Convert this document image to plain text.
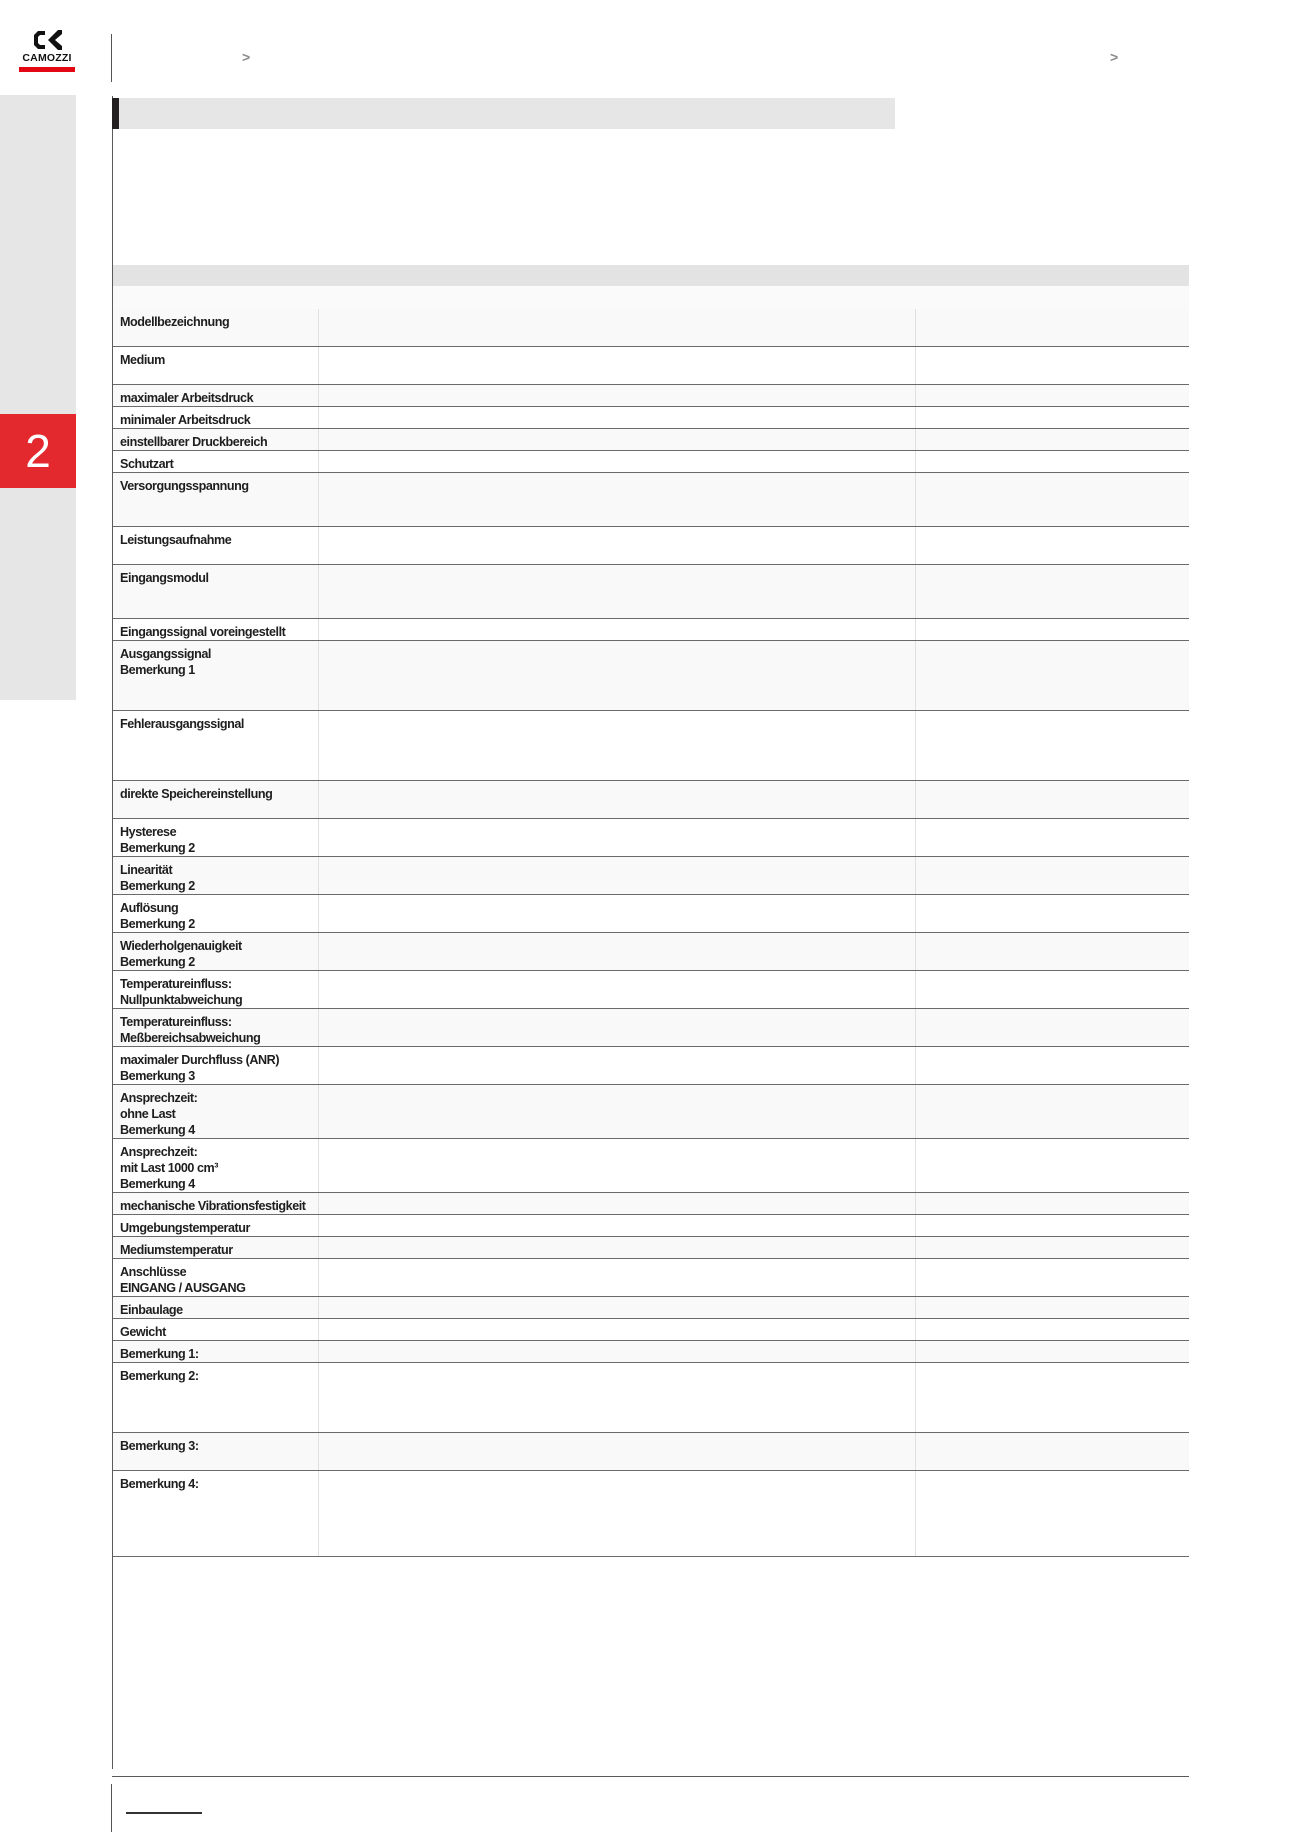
CAMOZZI	>	>
2
Modellbezeichnung
Medium
maximaler Arbeitsdruck
minimaler Arbeitsdruck
einstellbarer Druckbereich
Schutzart
Versorgungsspannung
Leistungsaufnahme
Eingangsmodul
Eingangssignal voreingestellt
Ausgangssignal
Bemerkung 1
Fehlerausgangssignal
direkte Speichereinstellung
Hysterese
Bemerkung 2
Linearität
Bemerkung 2
Auflösung
Bemerkung 2
Wiederholgenauigkeit
Bemerkung 2
Temperatureinfluss:
Nullpunktabweichung
Temperatureinfluss:
Meßbereichsabweichung
maximaler Durchfluss (ANR)
Bemerkung 3
Ansprechzeit:
ohne Last
Bemerkung 4
Ansprechzeit:
mit Last 1000 cm³
Bemerkung 4
mechanische Vibrationsfestigkeit
Umgebungstemperatur
Mediumstemperatur
Anschlüsse
EINGANG / AUSGANG
Einbaulage
Gewicht
Bemerkung 1:
Bemerkung 2:
Bemerkung 3:
Bemerkung 4:
